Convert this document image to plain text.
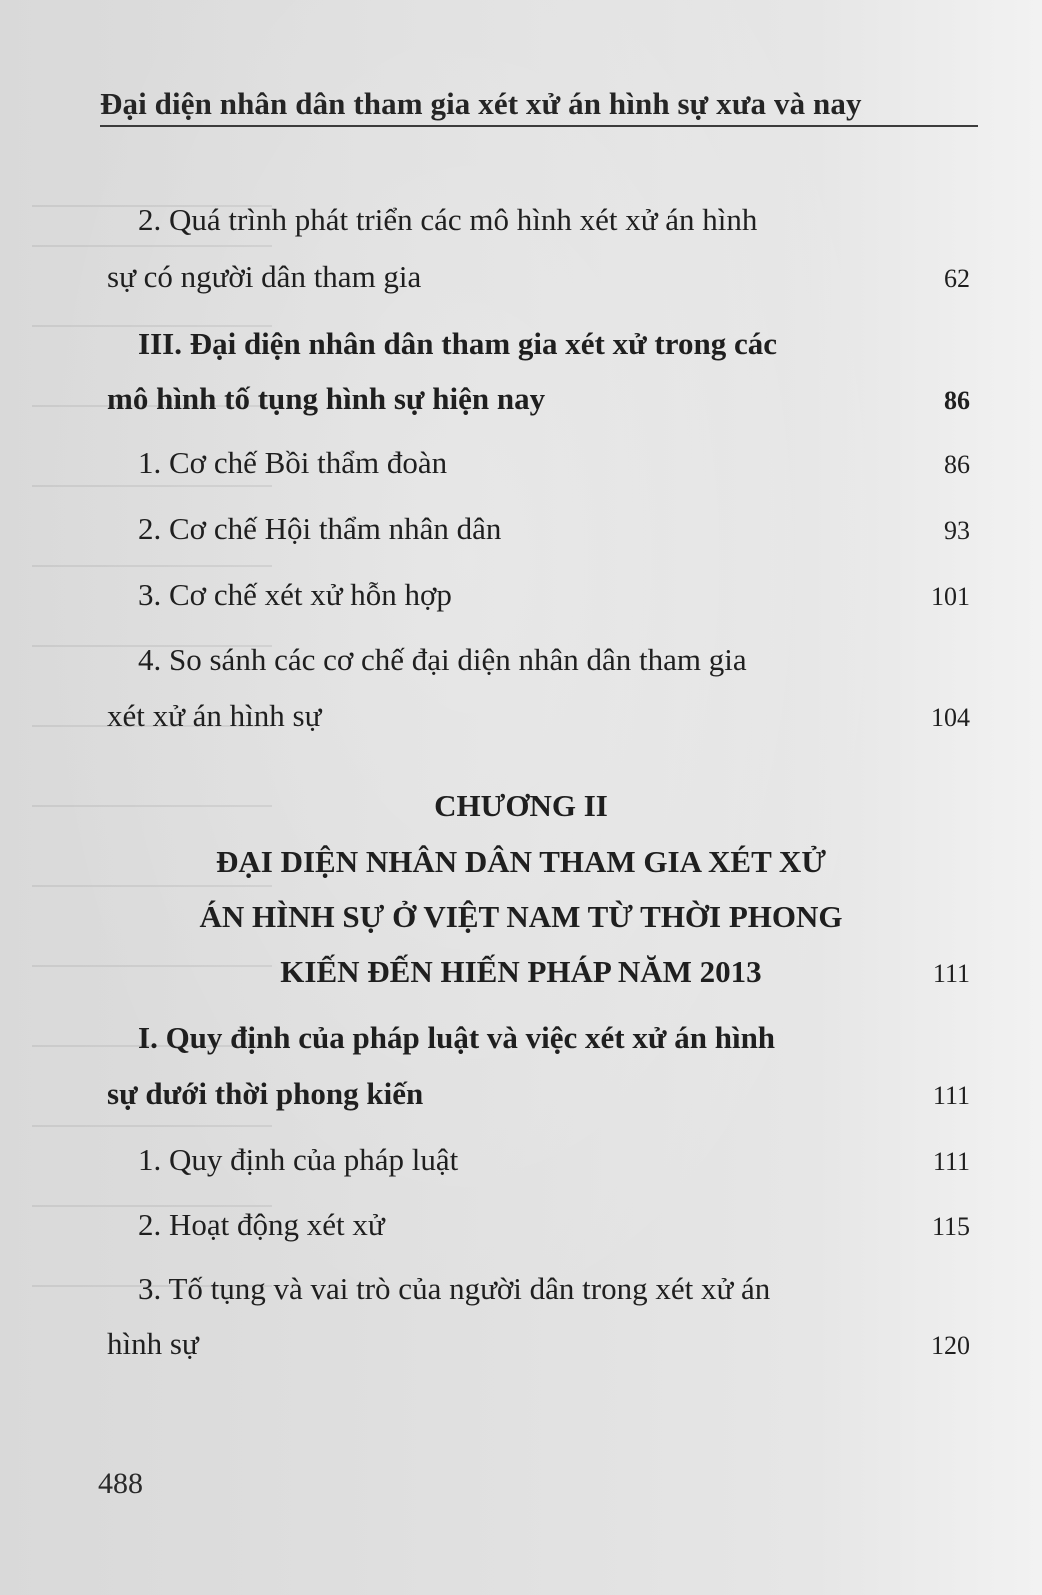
Đại diện nhân dân tham gia xét xử án hình sự xưa và nay
2. Quá trình phát triển các mô hình xét xử án hình
sự có người dân tham gia	62
III. Đại diện nhân dân tham gia xét xử trong các
mô hình tố tụng hình sự hiện nay	86
1. Cơ chế Bồi thẩm đoàn	86
2. Cơ chế Hội thẩm nhân dân	93
3. Cơ chế xét xử hỗn hợp	101
4. So sánh các cơ chế đại diện nhân dân tham gia
xét xử án hình sự	104
CHƯƠNG II
ĐẠI DIỆN NHÂN DÂN THAM GIA XÉT XỬ
ÁN HÌNH SỰ Ở VIỆT NAM TỪ THỜI PHONG
KIẾN ĐẾN HIẾN PHÁP NĂM 2013	111
I. Quy định của pháp luật và việc xét xử án hình
sự dưới thời phong kiến	111
1. Quy định của pháp luật	111
2. Hoạt động xét xử	115
3. Tố tụng và vai trò của người dân trong xét xử án
hình sự	120
488
